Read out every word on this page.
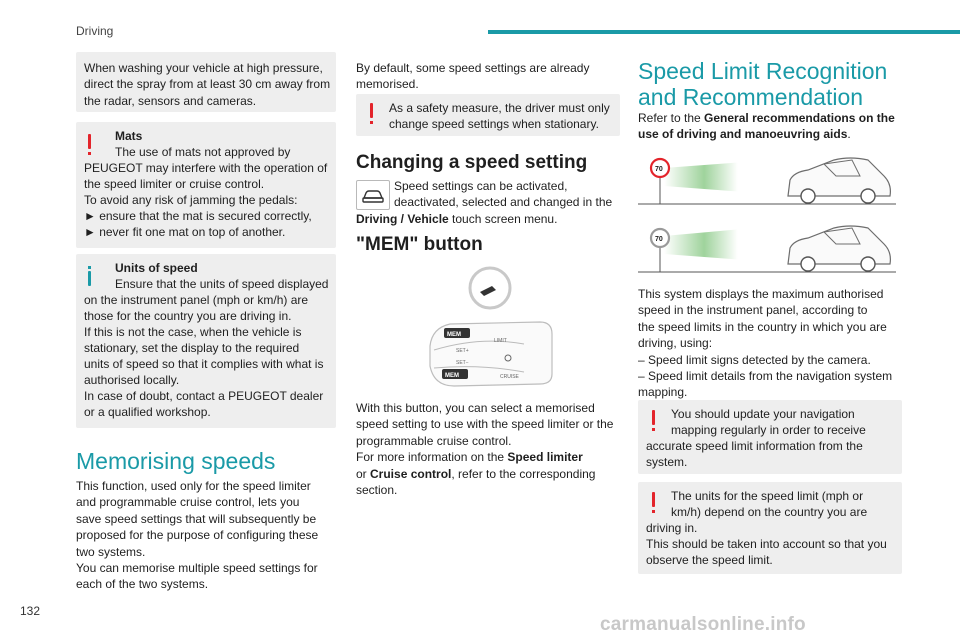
Driving

When washing your vehicle at high pressure, direct the spray from at least 30 cm away from the radar, sensors and cameras.

Mats

The use of mats not approved by

PEUGEOT may interfere with the operation of

the speed limiter or cruise control.

To avoid any risk of jamming the pedals:

► ensure that the mat is secured correctly,

► never fit one mat on top of another.

Units of speed

Ensure that the units of speed displayed

on the instrument panel (mph or km/h) are

those for the country you are driving in.

If this is not the case, when the vehicle is

stationary, set the display to the required

units of speed so that it complies with what is

authorised locally.

In case of doubt, contact a PEUGEOT dealer

or a qualified workshop.

Memorising speeds

This function, used only for the speed limiter

and programmable cruise control, lets you

save speed settings that will subsequently be

proposed for the purpose of configuring these

two systems.

You can memorise multiple speed settings for

each of the two systems.

By default, some speed settings are already

memorised.

As a safety measure, the driver must only

change speed settings when stationary.

Changing a speed setting

Speed settings can be activated,

deactivated, selected and changed in the

Driving / Vehicle touch screen menu.

"MEM" button
MEM
MEM
SET+
SET−
LIMIT
CRUISE

With this button, you can select a memorised

speed setting to use with the speed limiter or the

programmable cruise control.

For more information on the Speed limiter

or Cruise control, refer to the corresponding

section.

Speed Limit Recognition
and Recommendation

Refer to the General recommendations on the

use of driving and manoeuvring aids.

70
70

This system displays the maximum authorised

speed in the instrument panel, according to

the speed limits in the country in which you are

driving, using:

– Speed limit signs detected by the camera.

– Speed limit details from the navigation system

mapping.

You should update your navigation

mapping regularly in order to receive

accurate speed limit information from the

system.

The units for the speed limit (mph or

km/h) depend on the country you are

driving in.

This should be taken into account so that you

observe the speed limit.

132
carmanualsonline.info
